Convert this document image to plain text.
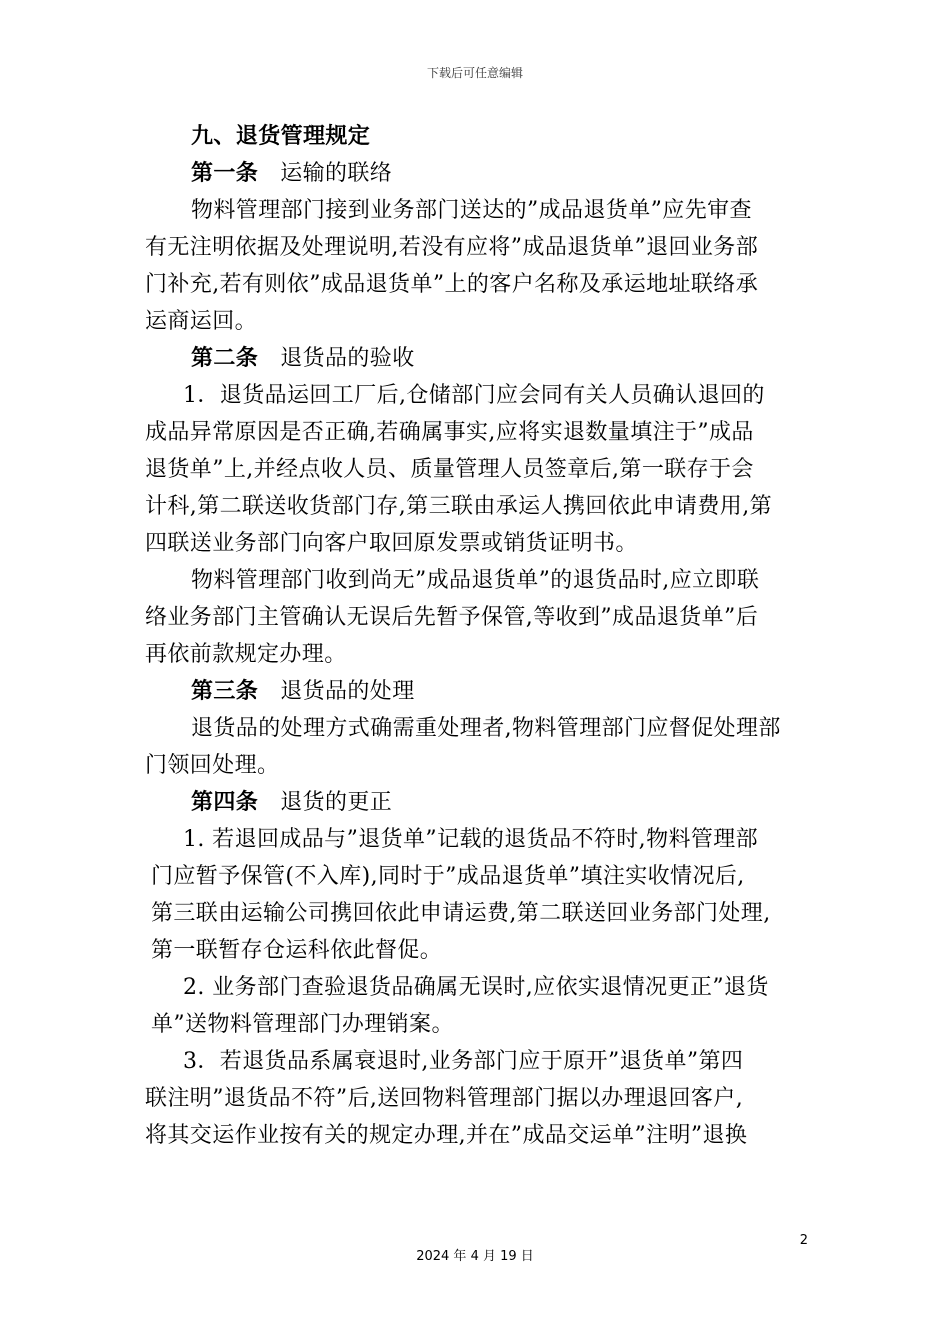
下载后可任意编辑
九、退货管理规定
第一条 运输的联络
物料管理部门接到业务部门送达的”成品退货单”应先审查
有无注明依据及处理说明,若没有应将”成品退货单”退回业务部
门补充,若有则依”成品退货单”上的客户名称及承运地址联络承
运商运回。
第二条 退货品的验收
1．退货品运回工厂后,仓储部门应会同有关人员确认退回的
成品异常原因是否正确,若确属事实,应将实退数量填注于”成品
退货单”上,并经点收人员、质量管理人员签章后,第一联存于会
计科,第二联送收货部门存,第三联由承运人携回依此申请费用,第
四联送业务部门向客户取回原发票或销货证明书。
物料管理部门收到尚无”成品退货单”的退货品时,应立即联
络业务部门主管确认无误后先暂予保管,等收到”成品退货单”后
再依前款规定办理。
第三条 退货品的处理
退货品的处理方式确需重处理者,物料管理部门应督促处理部
门领回处理。
第四条 退货的更正
1. 若退回成品与”退货单”记载的退货品不符时,物料管理部
门应暂予保管(不入库),同时于”成品退货单”填注实收情况后,
第三联由运输公司携回依此申请运费,第二联送回业务部门处理,
第一联暂存仓运科依此督促。
2. 业务部门查验退货品确属无误时,应依实退情况更正”退货
单”送物料管理部门办理销案。
3．若退货品系属衰退时,业务部门应于原开”退货单”第四
联注明”退货品不符”后,送回物料管理部门据以办理退回客户,
将其交运作业按有关的规定办理,并在”成品交运单”注明”退换
2
2024 年 4 月 19 日
